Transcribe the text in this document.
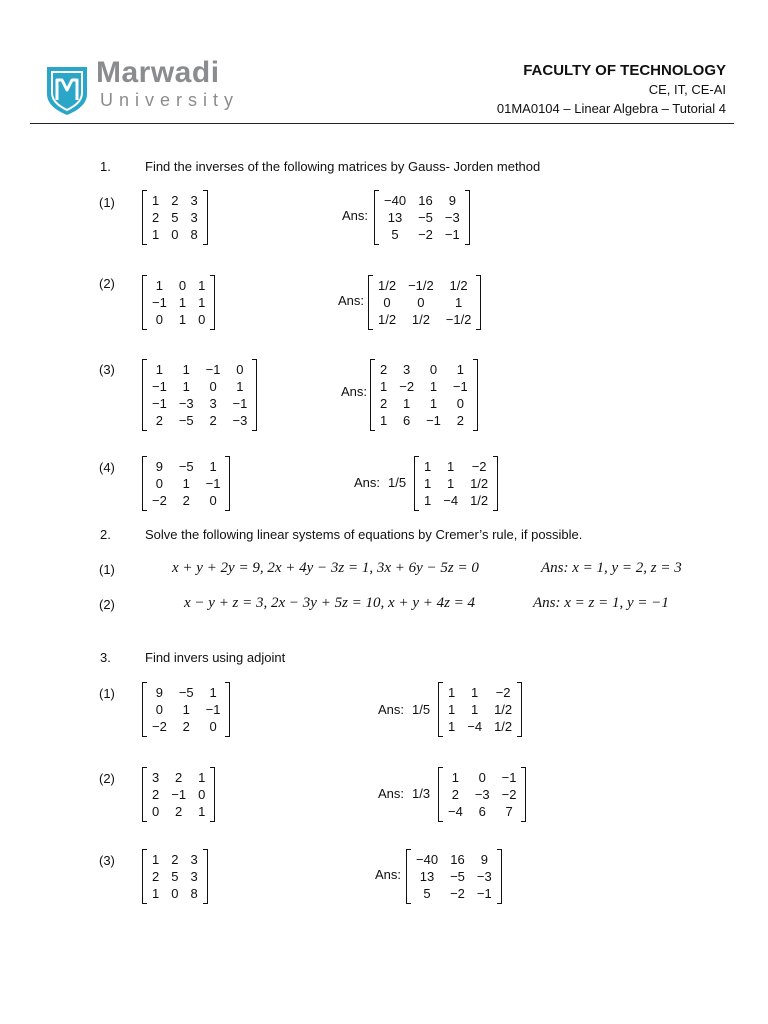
Marwadi
University
FACULTY OF TECHNOLOGY
CE, IT, CE-AI
01MA0104 – Linear Algebra – Tutorial 4
1.	Find the inverses of the following matrices by Gauss- Jorden method
(1)	1	2	3
2	5	3
1	0	8
Ans:
−40	16	9
13	−5	−3
5	−2	−1
(2)	1	0	1
−1	1	1
0	1	0
Ans:
1/2	−1/2	1/2
0	0	1
1/2	1/2	−1/2
(3)	1	1	−1	0
−1	1	0	1
−1	−3	3	−1
2	−5	2	−3
Ans:
2	3	0	1
1	−2	1	−1
2	1	1	0
1	6	−1	2
(4)	9	−5	1
0	1	−1
−2	2	0
Ans: 1/5
1	1	−2
1	1	1/2
1	−4	1/2
2.	Solve the following linear systems of equations by Cremer’s rule, if possible.
(1)	x + y + 2y = 9, 2x + 4y − 3z = 1, 3x + 6y − 5z = 0	Ans: x = 1, y = 2, z = 3
(2)	x − y + z = 3, 2x − 3y + 5z = 10, x + y + 4z = 4	Ans: x = z = 1, y = −1
3.	Find invers using adjoint
(1)	9	−5	1
0	1	−1
−2	2	0
Ans: 1/5
1	1	−2
1	1	1/2
1	−4	1/2
(2)	3	2	1
2	−1	0
0	2	1
Ans: 1/3
1	0	−1
2	−3	−2
−4	6	7
(3)	1	2	3
2	5	3
1	0	8
Ans:
−40	16	9
13	−5	−3
5	−2	−1
